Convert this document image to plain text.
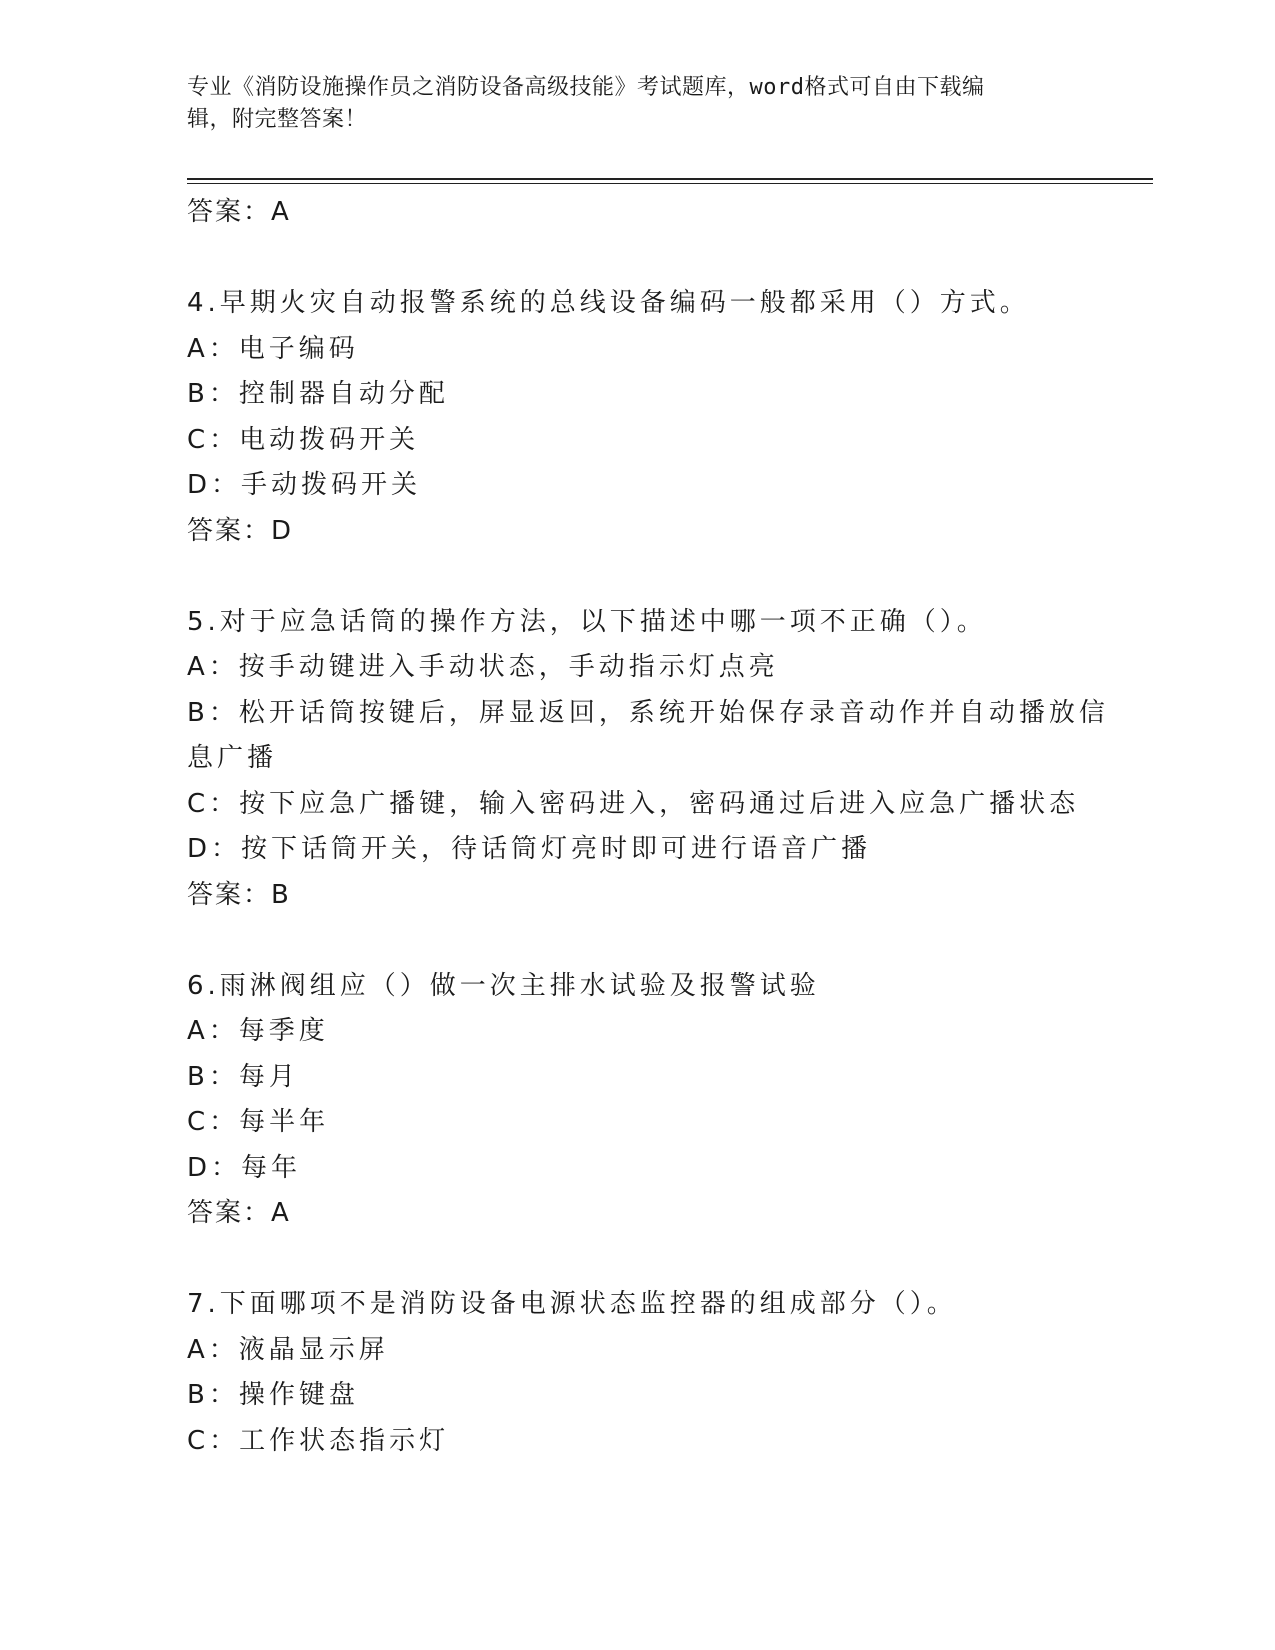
专业《消防设施操作员之消防设备高级技能》考试题库，word格式可自由下载编
辑，附完整答案！
答案：A
4.早期火灾自动报警系统的总线设备编码一般都采用（）方式。
A：电子编码
B：控制器自动分配
C：电动拨码开关
D：手动拨码开关
答案：D
5.对于应急话筒的操作方法，以下描述中哪一项不正确（）。
A：按手动键进入手动状态，手动指示灯点亮
B：松开话筒按键后，屏显返回，系统开始保存录音动作并自动播放信
息广播
C：按下应急广播键，输入密码进入，密码通过后进入应急广播状态
D：按下话筒开关，待话筒灯亮时即可进行语音广播
答案：B
6.雨淋阀组应（）做一次主排水试验及报警试验
A：每季度
B：每月
C：每半年
D：每年
答案：A
7.下面哪项不是消防设备电源状态监控器的组成部分（）。
A：液晶显示屏
B：操作键盘
C：工作状态指示灯
